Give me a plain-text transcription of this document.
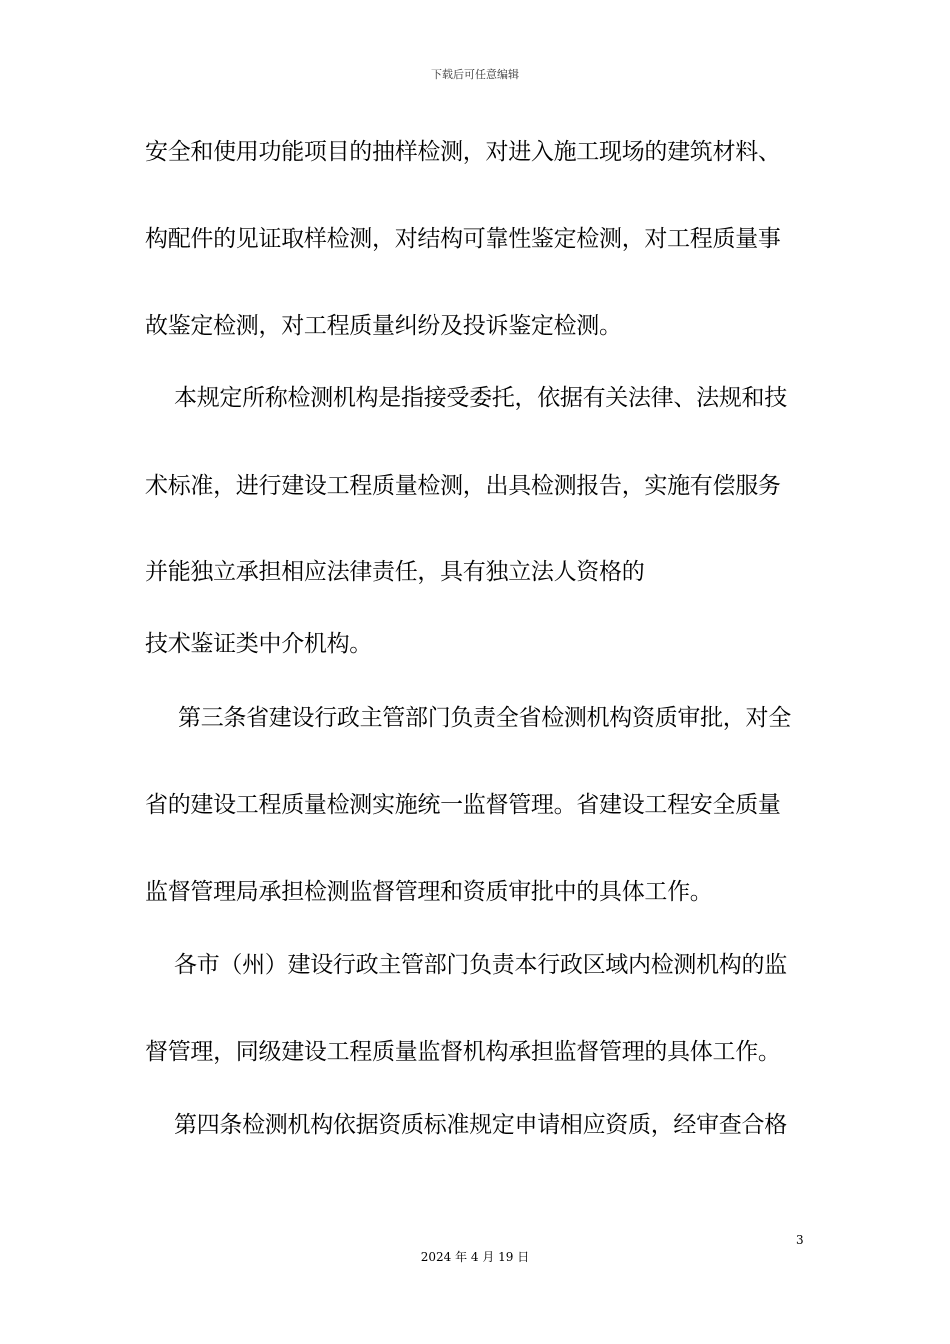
下载后可任意编辑
安全和使用功能项目的抽样检测，对进入施工现场的建筑材料、
构配件的见证取样检测，对结构可靠性鉴定检测，对工程质量事
故鉴定检测，对工程质量纠纷及投诉鉴定检测。
本规定所称检测机构是指接受委托，依据有关法律、法规和技
术标准，进行建设工程质量检测，出具检测报告，实施有偿服务
并能独立承担相应法律责任，具有独立法人资格的
技术鉴证类中介机构。
第三条省建设行政主管部门负责全省检测机构资质审批，对全
省的建设工程质量检测实施统一监督管理。省建设工程安全质量
监督管理局承担检测监督管理和资质审批中的具体工作。
各市（州）建设行政主管部门负责本行政区域内检测机构的监
督管理，同级建设工程质量监督机构承担监督管理的具体工作。
第四条检测机构依据资质标准规定申请相应资质，经审查合格
3
2024 年 4 月 19 日
